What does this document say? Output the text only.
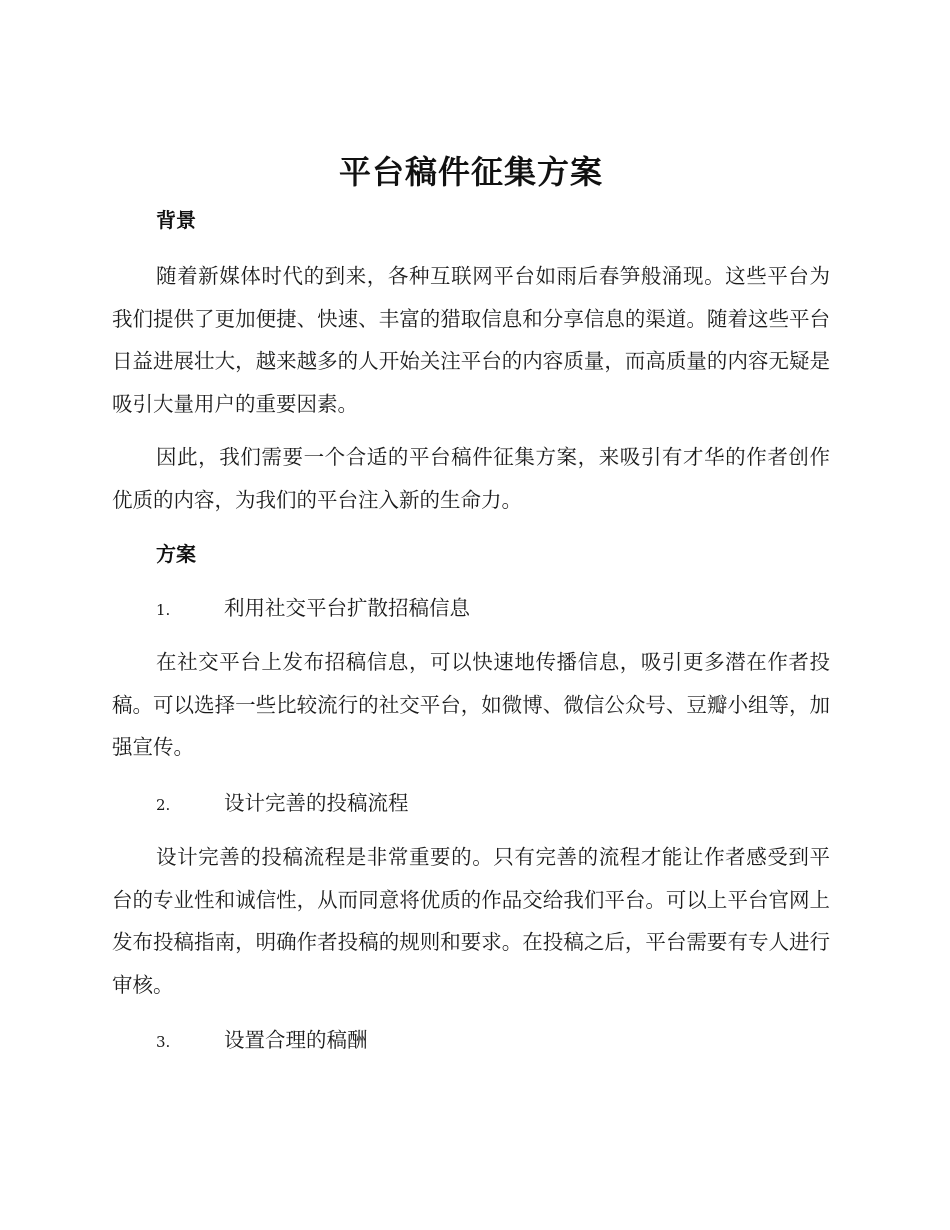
平台稿件征集方案
背景

随着新媒体时代的到来，各种互联网平台如雨后春笋般涌现。这些平台为我们提供了更加便捷、快速、丰富的猎取信息和分享信息的渠道。随着这些平台日益进展壮大，越来越多的人开始关注平台的内容质量，而高质量的内容无疑是吸引大量用户的重要因素。

因此，我们需要一个合适的平台稿件征集方案，来吸引有才华的作者创作优质的内容，为我们的平台注入新的生命力。

方案
1.	利用社交平台扩散招稿信息

在社交平台上发布招稿信息，可以快速地传播信息，吸引更多潜在作者投稿。可以选择一些比较流行的社交平台，如微博、微信公众号、豆瓣小组等，加强宣传。

2.	设计完善的投稿流程

设计完善的投稿流程是非常重要的。只有完善的流程才能让作者感受到平台的专业性和诚信性，从而同意将优质的作品交给我们平台。可以上平台官网上发布投稿指南，明确作者投稿的规则和要求。在投稿之后，平台需要有专人进行审核。

3.	设置合理的稿酬
